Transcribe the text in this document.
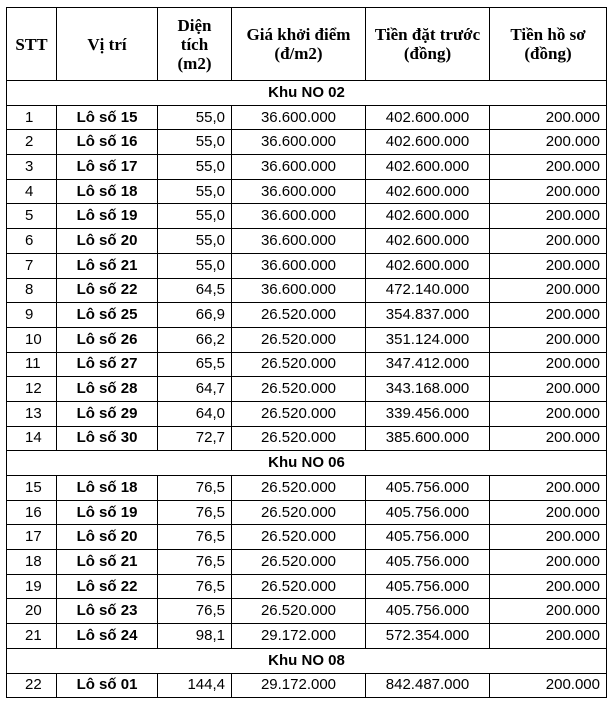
STT	Vị trí	Diện tích (m2)	Giá khởi điểm (đ/m2)	Tiền đặt trước (đồng)	Tiền hồ sơ (đồng)
Khu NO 02					
1	Lô số 15	55,0	36.600.000	402.600.000	200.000
2	Lô số 16	55,0	36.600.000	402.600.000	200.000
3	Lô số 17	55,0	36.600.000	402.600.000	200.000
4	Lô số 18	55,0	36.600.000	402.600.000	200.000
5	Lô số 19	55,0	36.600.000	402.600.000	200.000
6	Lô số 20	55,0	36.600.000	402.600.000	200.000
7	Lô số 21	55,0	36.600.000	402.600.000	200.000
8	Lô số 22	64,5	36.600.000	472.140.000	200.000
9	Lô số 25	66,9	26.520.000	354.837.000	200.000
10	Lô số 26	66,2	26.520.000	351.124.000	200.000
11	Lô số 27	65,5	26.520.000	347.412.000	200.000
12	Lô số 28	64,7	26.520.000	343.168.000	200.000
13	Lô số 29	64,0	26.520.000	339.456.000	200.000
14	Lô số 30	72,7	26.520.000	385.600.000	200.000
Khu NO 06					
15	Lô số 18	76,5	26.520.000	405.756.000	200.000
16	Lô số 19	76,5	26.520.000	405.756.000	200.000
17	Lô số 20	76,5	26.520.000	405.756.000	200.000
18	Lô số 21	76,5	26.520.000	405.756.000	200.000
19	Lô số 22	76,5	26.520.000	405.756.000	200.000
20	Lô số 23	76,5	26.520.000	405.756.000	200.000
21	Lô số 24	98,1	29.172.000	572.354.000	200.000
Khu NO 08					
22	Lô số 01	144,4	29.172.000	842.487.000	200.000
